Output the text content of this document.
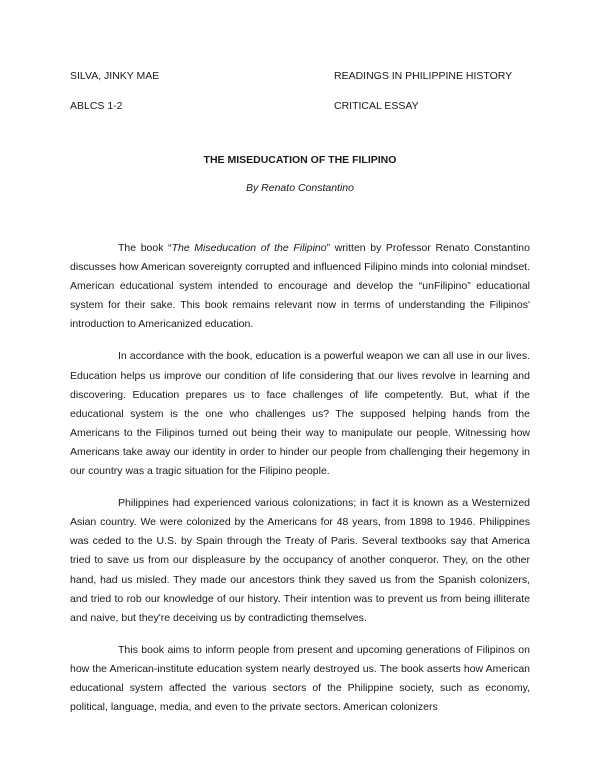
SILVA, JINKY MAE	READINGS IN PHILIPPINE HISTORY
ABLCS 1-2	CRITICAL ESSAY
THE MISEDUCATION OF THE FILIPINO
By Renato Constantino

The book “The Miseducation of the Filipino” written by Professor Renato Constantino discusses how American sovereignty corrupted and influenced Filipino minds into colonial mindset. American educational system intended to encourage and develop the “unFilipino” educational system for their sake. This book remains relevant now in terms of understanding the Filipinos' introduction to Americanized education.

In accordance with the book, education is a powerful weapon we can all use in our lives. Education helps us improve our condition of life considering that our lives revolve in learning and discovering. Education prepares us to face challenges of life competently. But, what if the educational system is the one who challenges us? The supposed helping hands from the Americans to the Filipinos turned out being their way to manipulate our people. Witnessing how Americans take away our identity in order to hinder our people from challenging their hegemony in our country was a tragic situation for the Filipino people.

Philippines had experienced various colonizations; in fact it is known as a Westernized Asian country. We were colonized by the Americans for 48 years, from 1898 to 1946. Philippines was ceded to the U.S. by Spain through the Treaty of Paris. Several textbooks say that America tried to save us from our displeasure by the occupancy of another conqueror. They, on the other hand, had us misled. They made our ancestors think they saved us from the Spanish colonizers, and tried to rob our knowledge of our history. Their intention was to prevent us from being illiterate and naive, but they're deceiving us by contradicting themselves.

This book aims to inform people from present and upcoming generations of Filipinos on how the American-institute education system nearly destroyed us. The book asserts how American educational system affected the various sectors of the Philippine society, such as economy, political, language, media, and even to the private sectors. American colonizers
